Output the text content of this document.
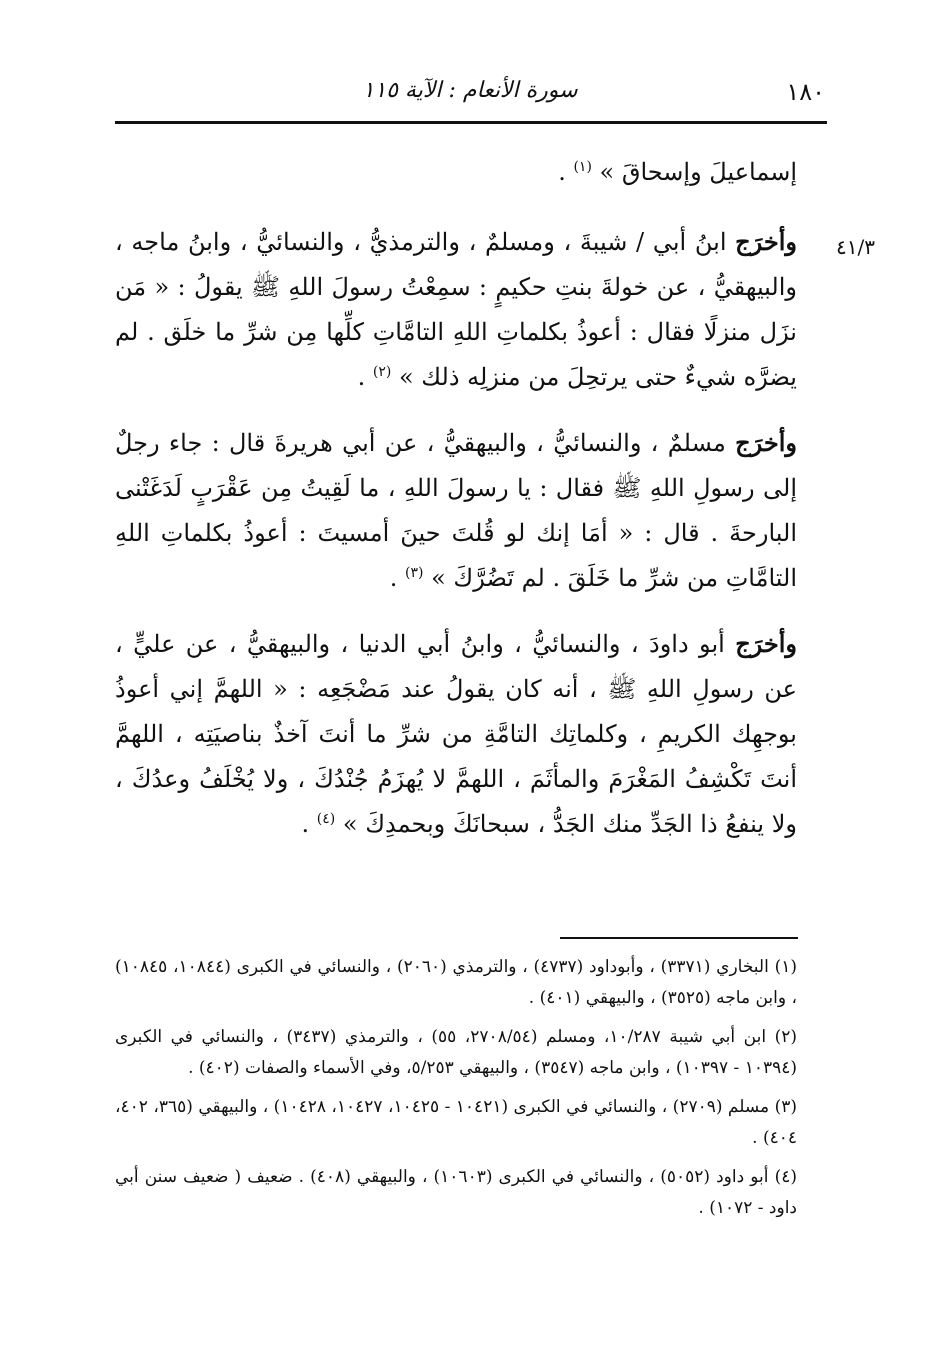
١٨٠
سورة الأنعام : الآية ١١٥

إسماعيلَ وإسحاقَ » $^{(١)}$ .

٤١/٣
وأخرَج ابنُ أبي / شيبةَ ، ومسلمٌ ، والترمذيُّ ، والنسائيُّ ، وابنُ ماجه ، والبيهقيُّ ، عن خولةَ بنتِ حكيمٍ : سمِعْتُ رسولَ اللهِ ﷺ يقولُ : « مَن نزَل منزلًا فقال : أعوذُ بكلماتِ اللهِ التامَّاتِ كلِّها مِن شرِّ ما خلَق . لم يضرَّه شيءٌ حتى يرتحِلَ من منزلِه ذلك » $^{(٢)}$ .

وأخرَج مسلمٌ ، والنسائيُّ ، والبيهقيُّ ، عن أبي هريرةَ قال : جاء رجلٌ إلى رسولِ اللهِ ﷺ فقال : يا رسولَ اللهِ ، ما لَقِيتُ مِن عَقْرَبٍ لَدَغَتْنى البارحةَ . قال : « أمَا إنك لو قُلتَ حينَ أمسيتَ : أعوذُ بكلماتِ اللهِ التامَّاتِ من شرِّ ما خَلَقَ . لم تَضُرَّكَ » $^{(٣)}$ .

وأخرَج أبو داودَ ، والنسائيُّ ، وابنُ أبي الدنيا ، والبيهقيُّ ، عن عليٍّ ، عن رسولِ اللهِ ﷺ ، أنه كان يقولُ عند مَضْجَعِه : « اللهمَّ إني أعوذُ بوجهِك الكريمِ ، وكلماتِك التامَّةِ من شرِّ ما أنتَ آخذٌ بناصيَتِه ، اللهمَّ أنتَ تَكْشِفُ المَغْرَمَ والمأثَمَ ، اللهمَّ لا يُهزَمُ جُنْدُكَ ، ولا يُخْلَفُ وعدُكَ ، ولا ينفعُ ذا الجَدِّ منك الجَدُّ ، سبحانَكَ وبحمدِكَ » $^{(٤)}$ .

(١) البخاري (٣٣٧١) ، وأبوداود (٤٧٣٧) ، والترمذي (٢٠٦٠) ، والنسائي في الكبرى (١٠٨٤٤، ١٠٨٤٥) ، وابن ماجه (٣٥٢٥) ، والبيهقي (٤٠١) .

(٢) ابن أبي شيبة ١٠/٢٨٧، ومسلم (٢٧٠٨/٥٤، ٥٥) ، والترمذي (٣٤٣٧) ، والنسائي في الكبرى (١٠٣٩٤ - ١٠٣٩٧) ، وابن ماجه (٣٥٤٧) ، والبيهقي ٥/٢٥٣، وفي الأسماء والصفات (٤٠٢) .

(٣) مسلم (٢٧٠٩) ، والنسائي في الكبرى (١٠٤٢١ - ١٠٤٢٥، ١٠٤٢٧، ١٠٤٢٨) ، والبيهقي (٣٦٥، ٤٠٢، ٤٠٤) .

(٤) أبو داود (٥٠٥٢) ، والنسائي في الكبرى (١٠٦٠٣) ، والبيهقي (٤٠٨) . ضعيف ( ضعيف سنن أبي داود - ١٠٧٢) .
